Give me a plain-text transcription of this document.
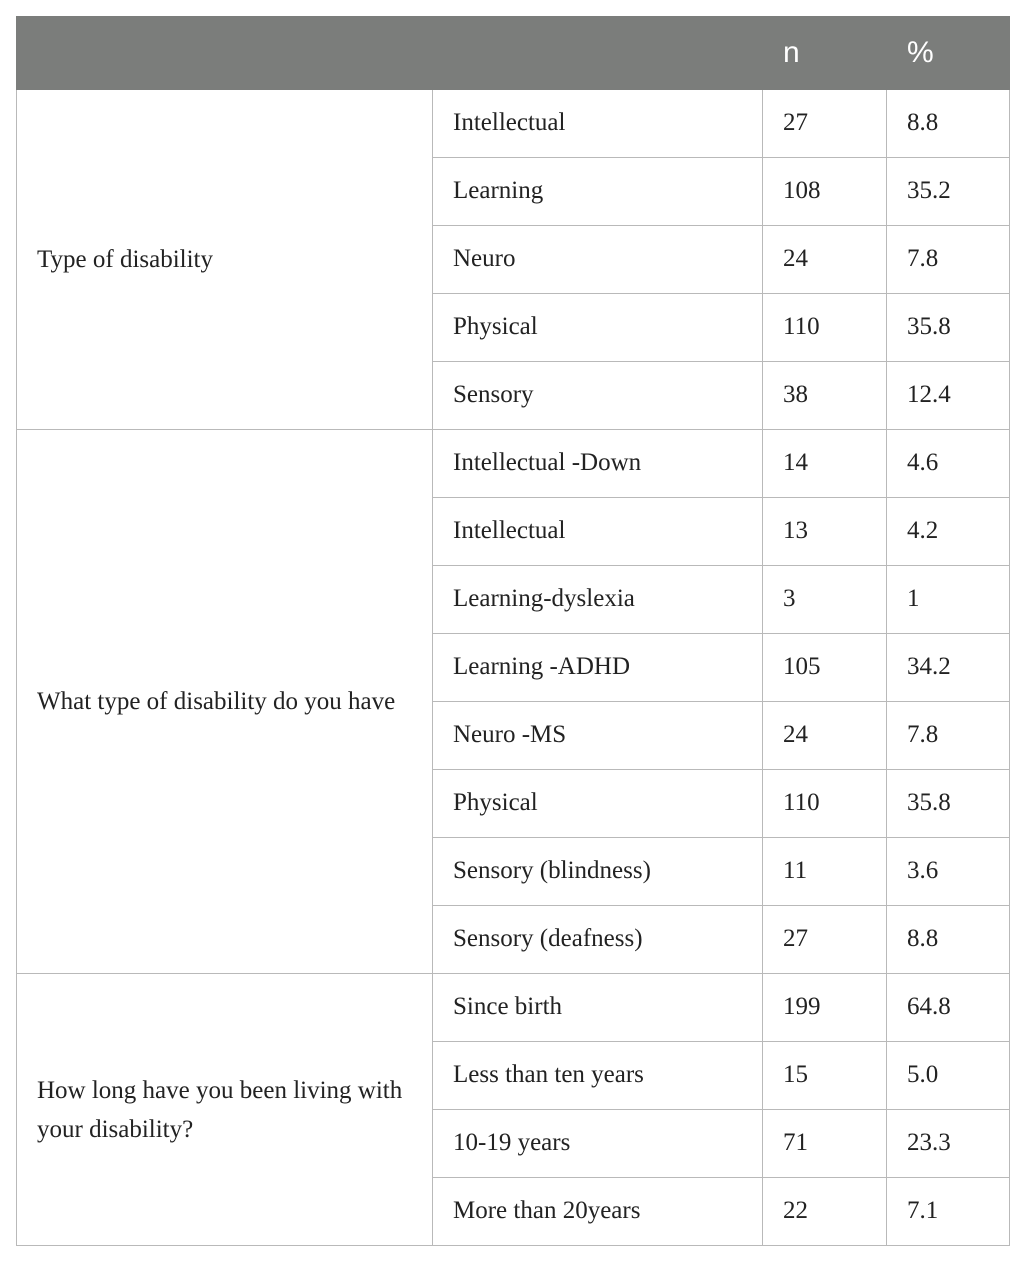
		n	%
Type of disability	Intellectual	27	8.8
	Learning	108	35.2
	Neuro	24	7.8
	Physical	110	35.8
	Sensory	38	12.4
What type of disability do you have	Intellectual -Down	14	4.6
	Intellectual	13	4.2
	Learning-dyslexia	3	1
	Learning -ADHD	105	34.2
	Neuro -MS	24	7.8
	Physical	110	35.8
	Sensory (blindness)	11	3.6
	Sensory (deafness)	27	8.8
How long have you been living with your disability?	Since birth	199	64.8
	Less than ten years	15	5.0
	10-19 years	71	23.3
	More than 20years	22	7.1
